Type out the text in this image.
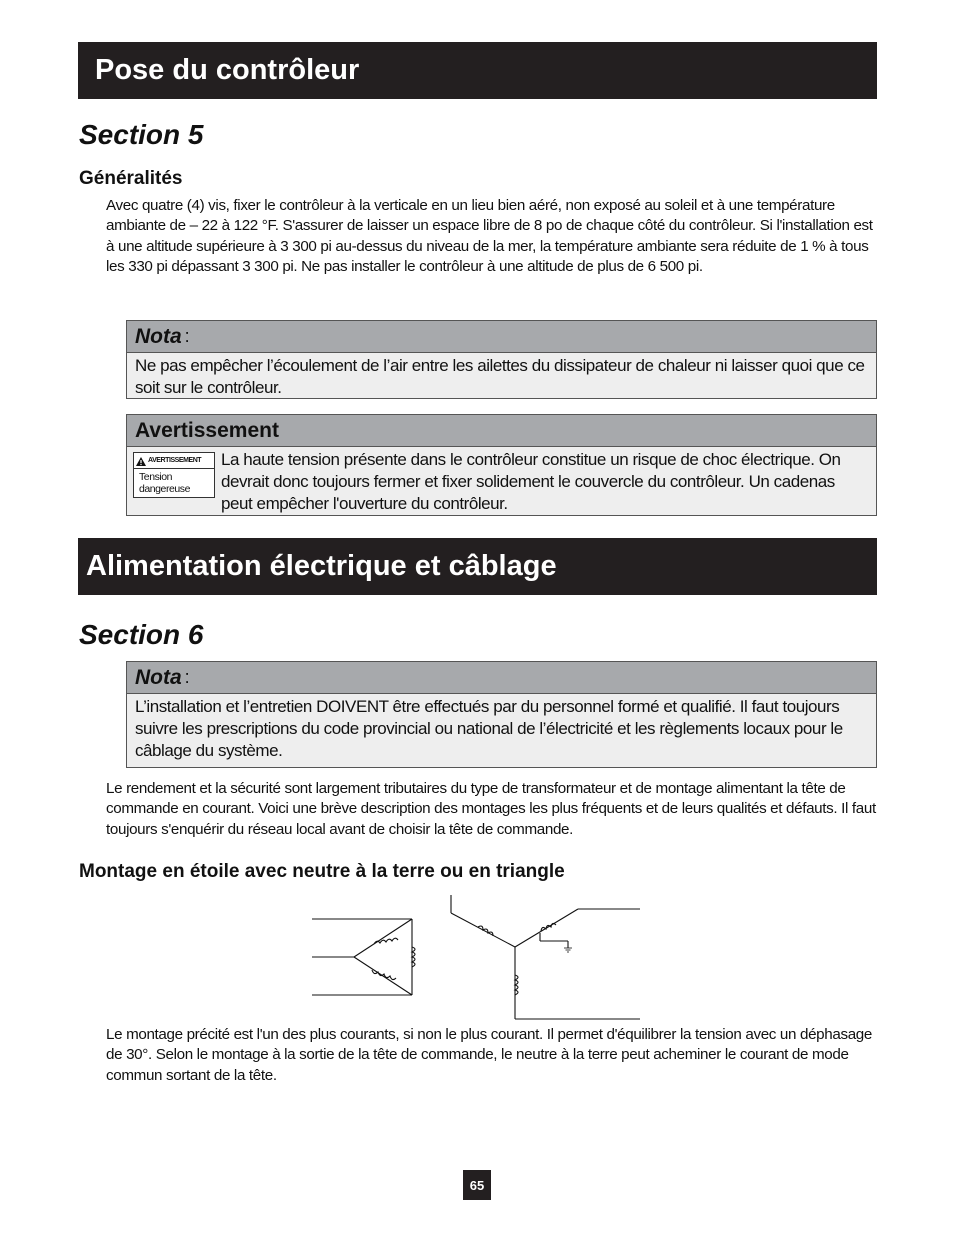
Pose du contrôleur
Section 5
Généralités
Avec quatre (4) vis, fixer le contrôleur à la verticale en un lieu bien aéré, non exposé au soleil et à une température ambiante de – 22 à 122 °F. S'assurer de laisser un espace libre de 8 po de chaque côté du contrôleur. Si l'installation est à une altitude supérieure à 3 300 pi au-dessus du niveau de la mer, la température ambiante sera réduite de 1 % à tous les 330 pi dépassant 3 300 pi. Ne pas installer le contrôleur à une altitude de plus de 6 500 pi.
Nota :
Ne pas empêcher l’écoulement de l’air entre les ailettes du dissipateur de chaleur ni laisser quoi que ce soit sur le contrôleur.
Avertissement
AVERTISSEMENT
Tension dangereuse
La haute tension présente dans le contrôleur constitue un risque de choc électrique. On devrait donc toujours fermer et fixer solidement le couvercle du contrôleur. Un cadenas peut empêcher l'ouverture du contrôleur.
Alimentation électrique et câblage
Section 6
Nota :
L’installation et l’entretien DOIVENT être effectués par du personnel formé et qualifié. Il faut toujours suivre les prescriptions du code provincial ou national de l’électricité et les règlements locaux pour le câblage du système.
Le rendement et la sécurité sont largement tributaires du type de transformateur et de montage alimentant la tête de commande en courant. Voici une brève description des montages les plus fréquents et de leurs qualités et défauts. Il faut toujours s'enquérir du réseau local avant de choisir la tête de commande.
Montage en étoile avec neutre à la terre ou en triangle
Le montage précité est l'un des plus courants, si non le plus courant. Il permet d'équilibrer la tension avec un déphasage de 30°. Selon le montage à la sortie de la tête de commande, le neutre à la terre peut acheminer le courant de mode commun sortant de la tête.
65
